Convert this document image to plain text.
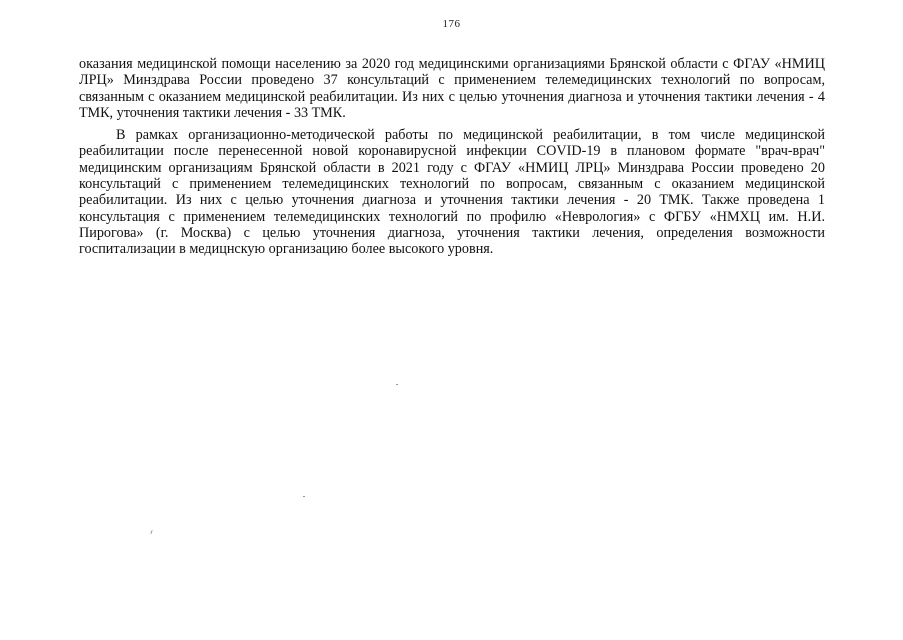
176

оказания медицинской помощи населению за 2020 год медицинскими организациями Брянской области с ФГАУ «НМИЦ ЛРЦ» Минздрава России проведено 37 консультаций с применением телемедицинских технологий по вопросам, связанным с оказанием медицинской реабилитации. Из них с целью уточнения диагноза и уточнения тактики лечения - 4 ТМК, уточнения тактики лечения - 33 ТМК.

В рамках организационно-методической работы по медицинской реабилитации, в том числе медицинской реабилитации после перенесенной новой коронавирусной инфекции COVID-19 в плановом формате "врач-врач" медицинским организациям Брянской области в 2021 году с ФГАУ «НМИЦ ЛРЦ» Минздрава России проведено 20 консультаций с применением телемедицинских технологий по вопросам, связанным с оказанием медицинской реабилитации. Из них с целью уточнения диагноза и уточнения тактики лечения - 20 ТМК. Также проведена 1 консультация с применением телемедицинских технологий по профилю «Неврология» с ФГБУ «НМХЦ им. Н.И. Пирогова» (г. Москва) с целью уточнения диагноза, уточнения тактики лечения, определения возможности госпитализации в медицнскую организацию более высокого уровня.
